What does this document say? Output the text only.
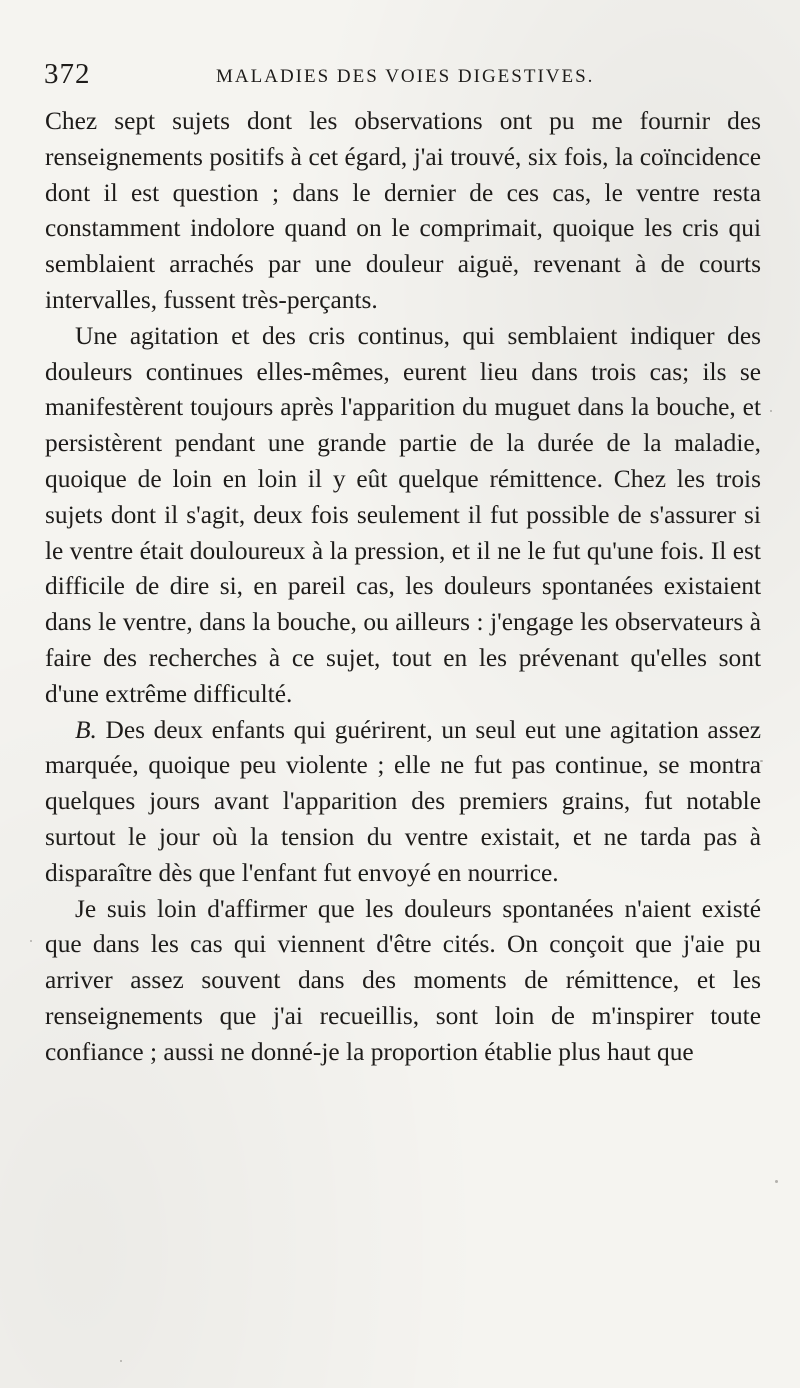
372	MALADIES DES VOIES DIGESTIVES.

Chez sept sujets dont les observations ont pu me fournir des renseignements positifs à cet égard, j'ai trouvé, six fois, la coïncidence dont il est question ; dans le dernier de ces cas, le ventre resta constamment indolore quand on le comprimait, quoique les cris qui semblaient arrachés par une douleur aiguë, revenant à de courts intervalles, fussent très-perçants.

Une agitation et des cris continus, qui semblaient indiquer des douleurs continues elles-mêmes, eurent lieu dans trois cas; ils se manifestèrent toujours après l'apparition du muguet dans la bouche, et persistèrent pendant une grande partie de la durée de la maladie, quoique de loin en loin il y eût quelque rémittence. Chez les trois sujets dont il s'agit, deux fois seulement il fut possible de s'assurer si le ventre était douloureux à la pression, et il ne le fut qu'une fois. Il est difficile de dire si, en pareil cas, les douleurs spontanées existaient dans le ventre, dans la bouche, ou ailleurs : j'engage les observateurs à faire des recherches à ce sujet, tout en les prévenant qu'elles sont d'une extrême difficulté.

B. Des deux enfants qui guérirent, un seul eut une agitation assez marquée, quoique peu violente ; elle ne fut pas continue, se montra quelques jours avant l'apparition des premiers grains, fut notable surtout le jour où la tension du ventre existait, et ne tarda pas à disparaître dès que l'enfant fut envoyé en nourrice.

Je suis loin d'affirmer que les douleurs spontanées n'aient existé que dans les cas qui viennent d'être cités. On conçoit que j'aie pu arriver assez souvent dans des moments de rémittence, et les renseignements que j'ai recueillis, sont loin de m'inspirer toute confiance ; aussi ne donné-je la proportion établie plus haut que
